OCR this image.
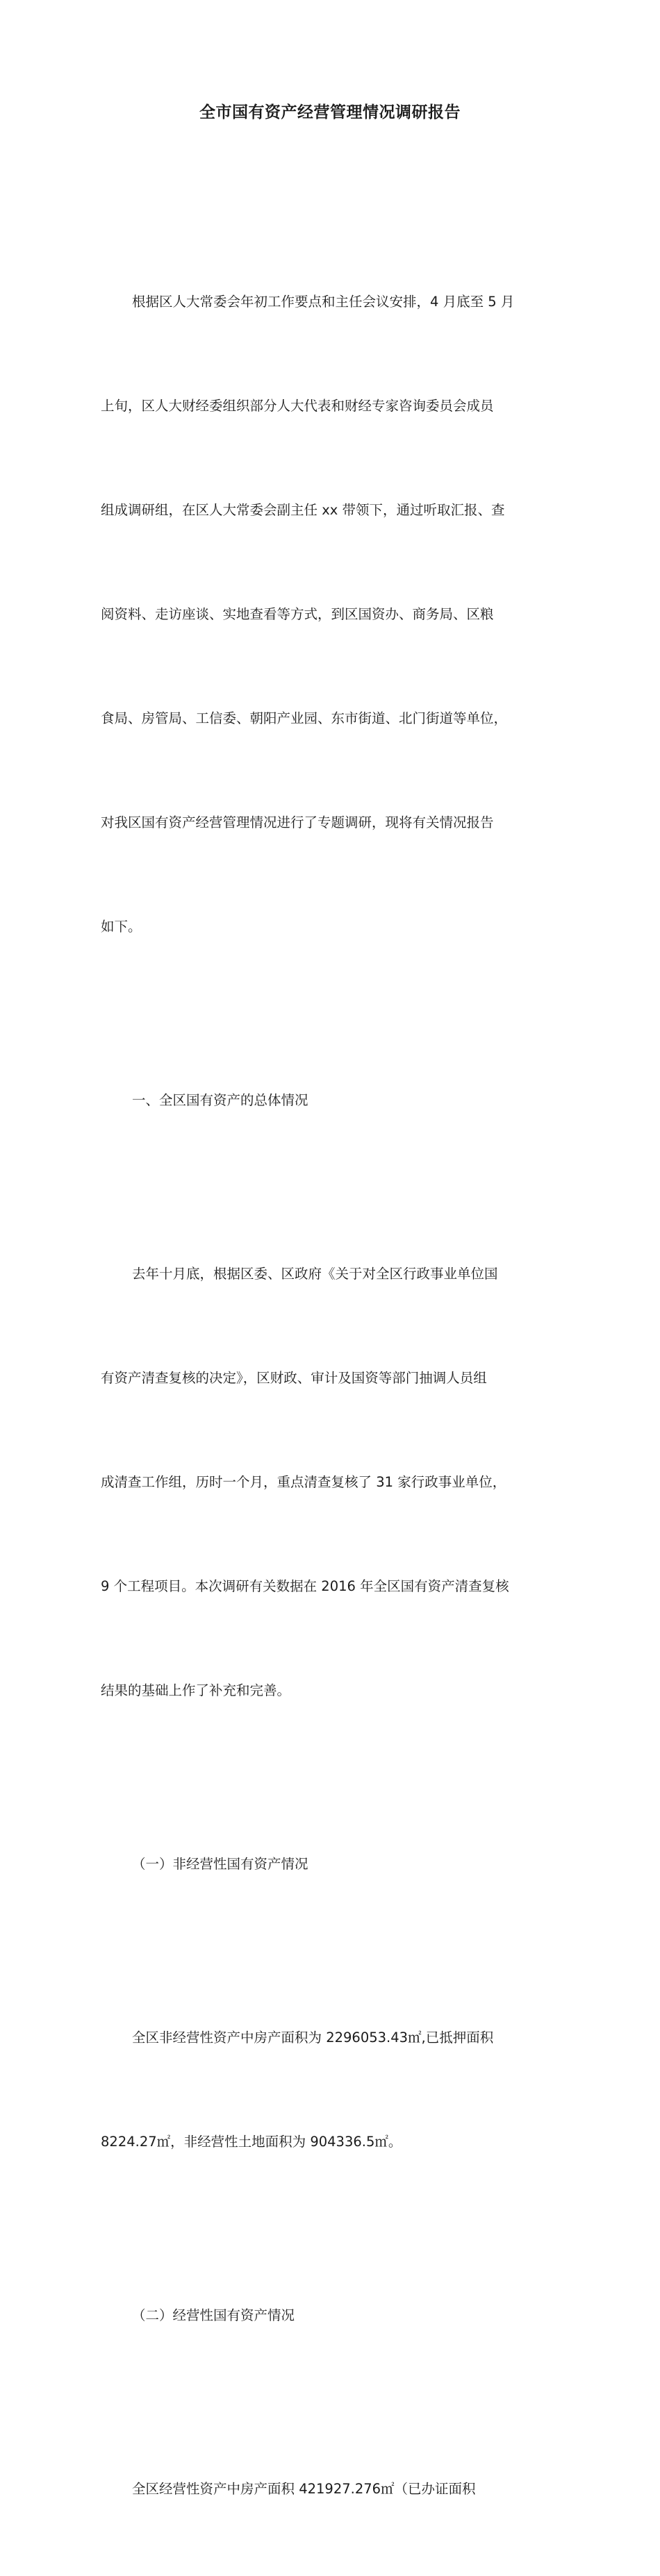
全市国有资产经营管理情况调研报告

根据区人大常委会年初工作要点和主任会议安排，4 月底至 5 月

上旬，区人大财经委组织部分人大代表和财经专家咨询委员会成员

组成调研组，在区人大常委会副主任 xx 带领下，通过听取汇报、查

阅资料、走访座谈、实地查看等方式，到区国资办、商务局、区粮

食局、房管局、工信委、朝阳产业园、东市街道、北门街道等单位，

对我区国有资产经营管理情况进行了专题调研，现将有关情况报告

如下。

一、全区国有资产的总体情况

去年十月底，根据区委、区政府《关于对全区行政事业单位国

有资产清查复核的决定》，区财政、审计及国资等部门抽调人员组

成清查工作组，历时一个月，重点清查复核了 31 家行政事业单位，

9 个工程项目。本次调研有关数据在 2016 年全区国有资产清查复核

结果的基础上作了补充和完善。

（一）非经营性国有资产情况

全区非经营性资产中房产面积为 2296053.43㎡,已抵押面积

8224.27㎡，非经营性土地面积为 904336.5㎡。

（二）经营性国有资产情况

全区经营性资产中房产面积 421927.276㎡（已办证面积
